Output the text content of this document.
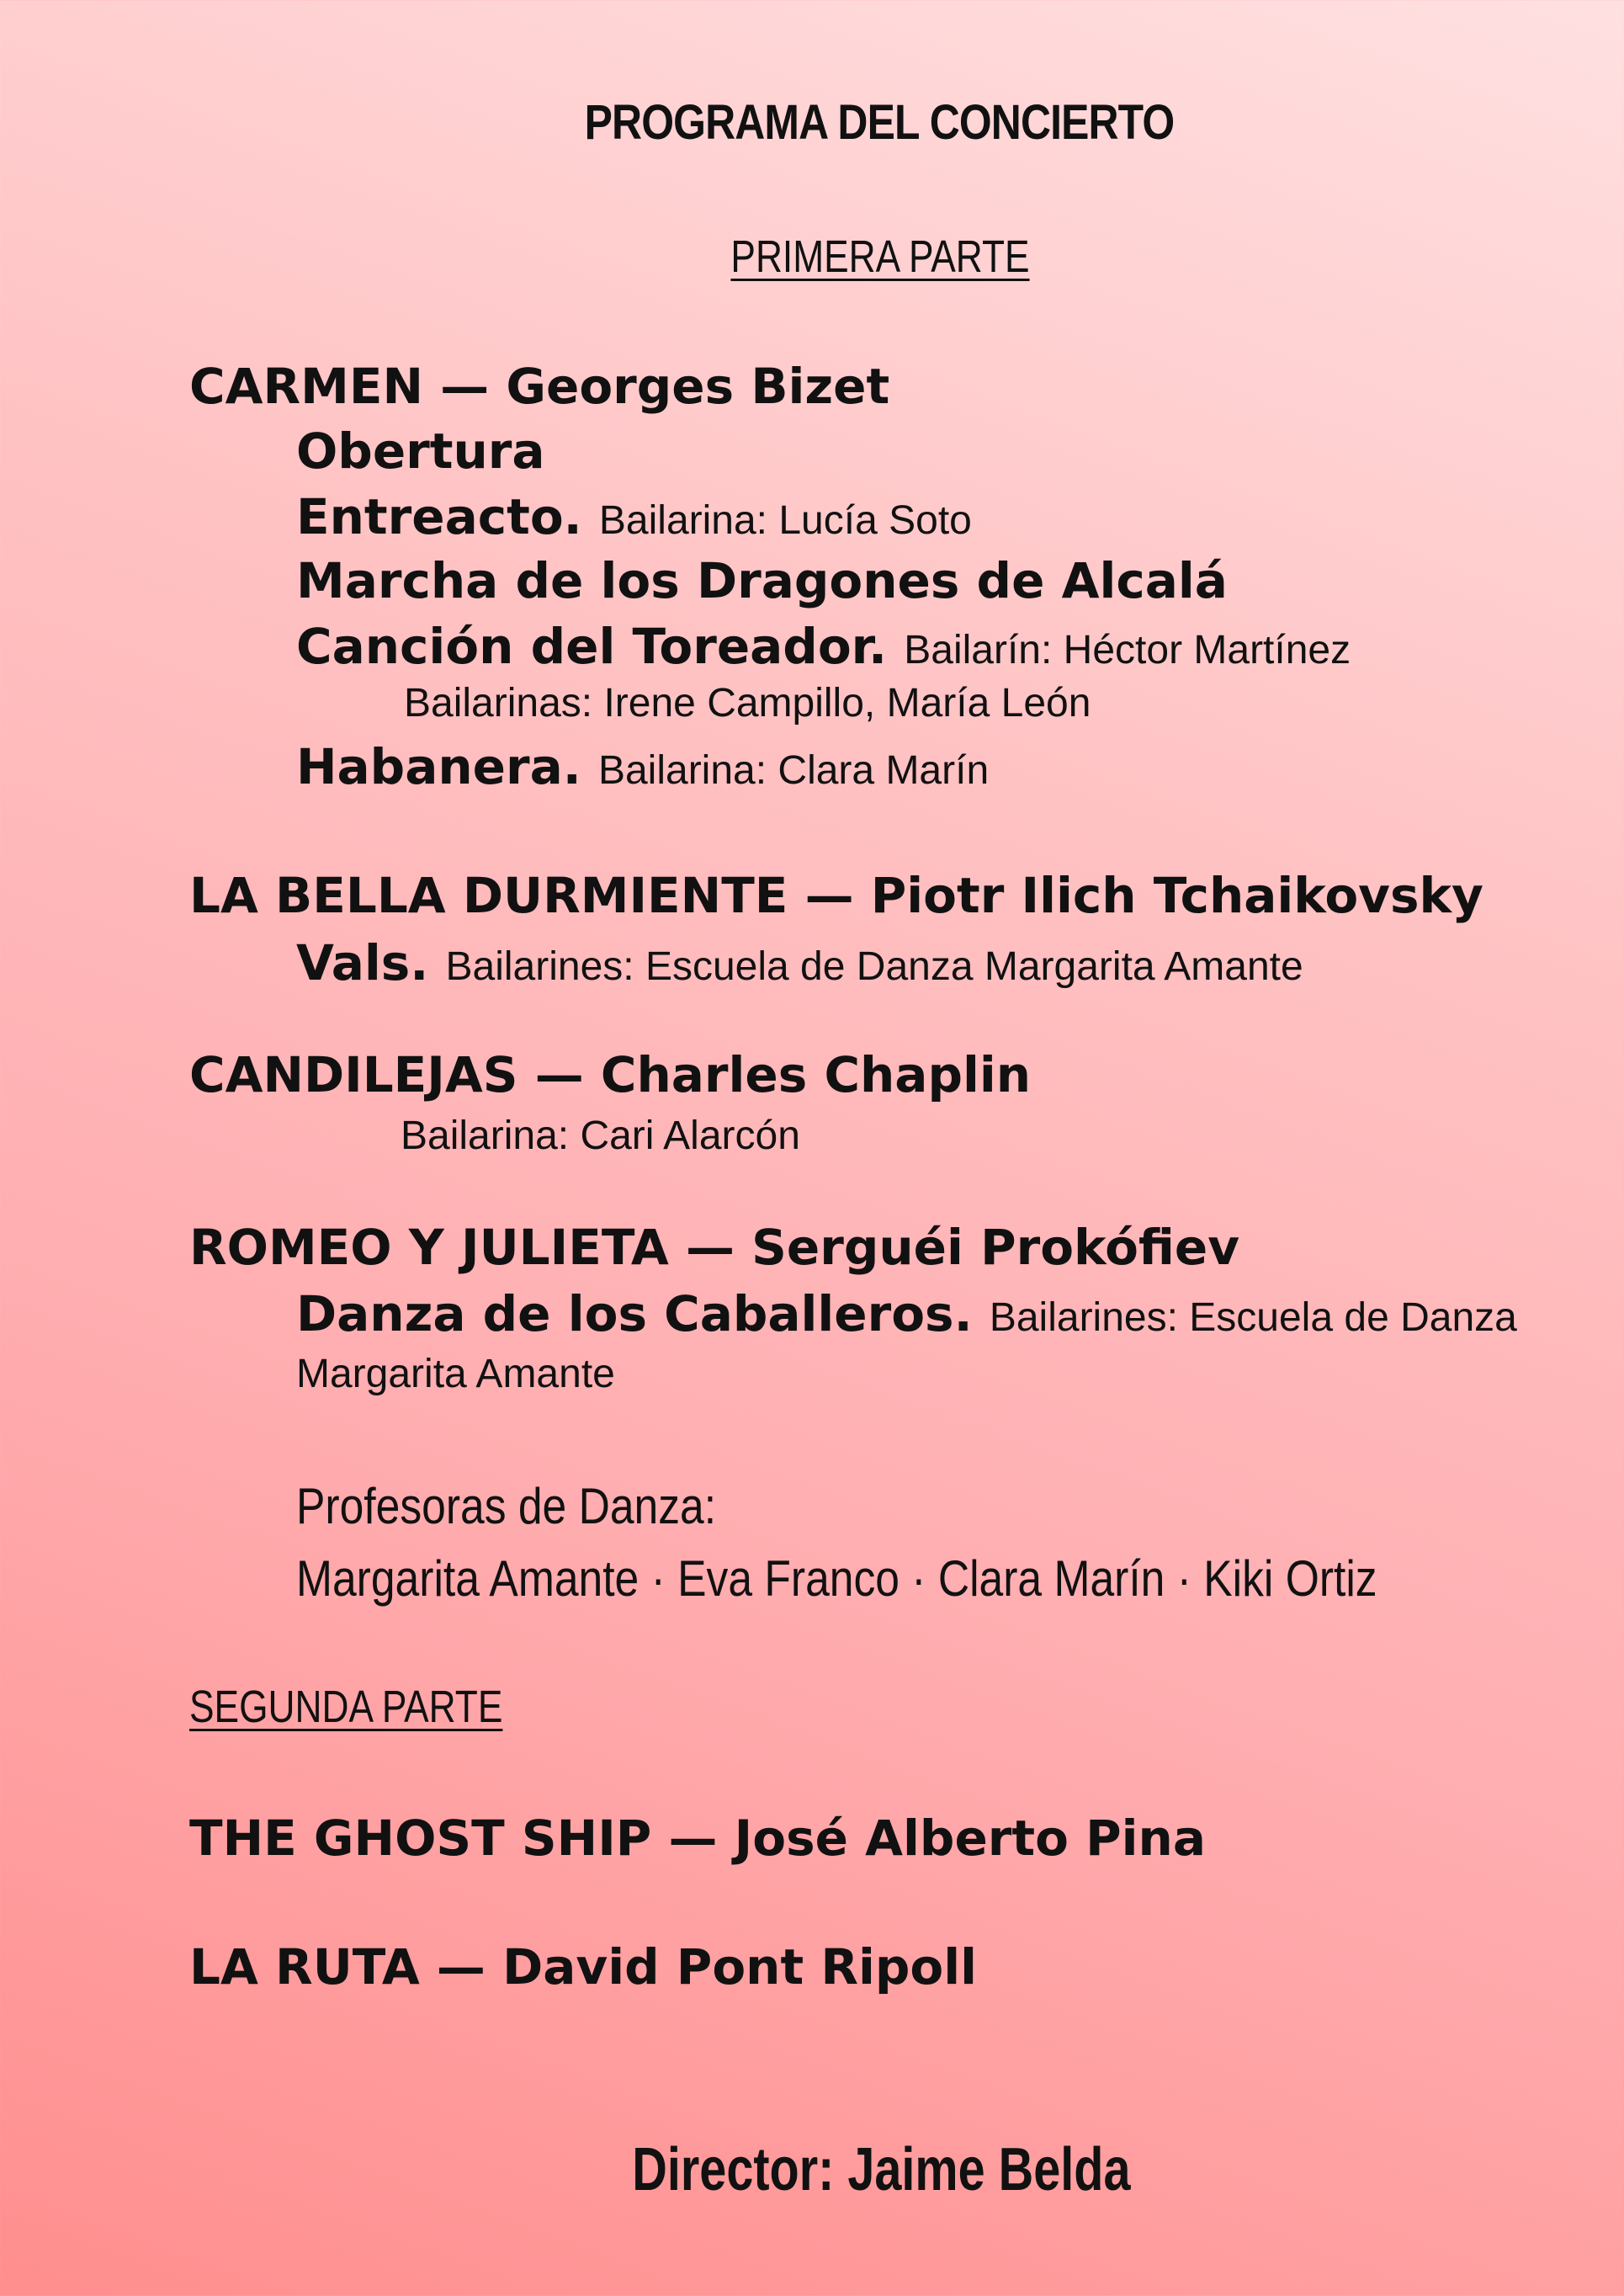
PROGRAMA DEL CONCIERTO
PRIMERA PARTE
CARMEN — Georges Bizet
Obertura
Entreacto. Bailarina: Lucía Soto
Marcha de los Dragones de Alcalá
Canción del Toreador. Bailarín: Héctor Martínez
Bailarinas: Irene Campillo, María León
Habanera. Bailarina: Clara Marín
LA BELLA DURMIENTE — Piotr Ilich Tchaikovsky
Vals. Bailarines: Escuela de Danza Margarita Amante
CANDILEJAS — Charles Chaplin
Bailarina: Cari Alarcón
ROMEO Y JULIETA — Serguéi Prokófiev
Danza de los Caballeros. Bailarines: Escuela de Danza
Margarita Amante
Profesoras de Danza:
Margarita Amante · Eva Franco · Clara Marín · Kiki Ortiz
SEGUNDA PARTE
THE GHOST SHIP — José Alberto Pina
LA RUTA — David Pont Ripoll
Director: Jaime Belda
